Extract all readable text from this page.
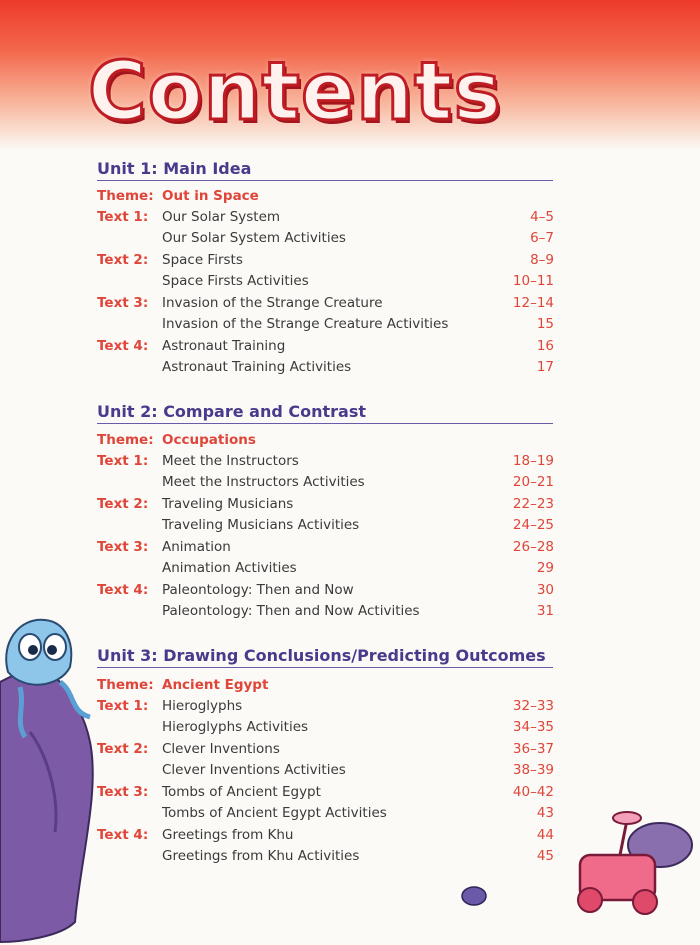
Contents
Unit 1: Main Idea
Theme: Out in Space
Text 1: Our Solar System	4–5
Our Solar System Activities	6–7
Text 2: Space Firsts	8–9
Space Firsts Activities	10–11
Text 3: Invasion of the Strange Creature	12–14
Invasion of the Strange Creature Activities	15
Text 4: Astronaut Training	16
Astronaut Training Activities	17
Unit 2: Compare and Contrast
Theme: Occupations
Text 1: Meet the Instructors	18–19
Meet the Instructors Activities	20–21
Text 2: Traveling Musicians	22–23
Traveling Musicians Activities	24–25
Text 3: Animation	26–28
Animation Activities	29
Text 4: Paleontology: Then and Now	30
Paleontology: Then and Now Activities	31
Unit 3: Drawing Conclusions/Predicting Outcomes
Theme: Ancient Egypt
Text 1: Hieroglyphs	32–33
Hieroglyphs Activities	34–35
Text 2: Clever Inventions	36–37
Clever Inventions Activities	38–39
Text 3: Tombs of Ancient Egypt	40–42
Tombs of Ancient Egypt Activities	43
Text 4: Greetings from Khu	44
Greetings from Khu Activities	45
